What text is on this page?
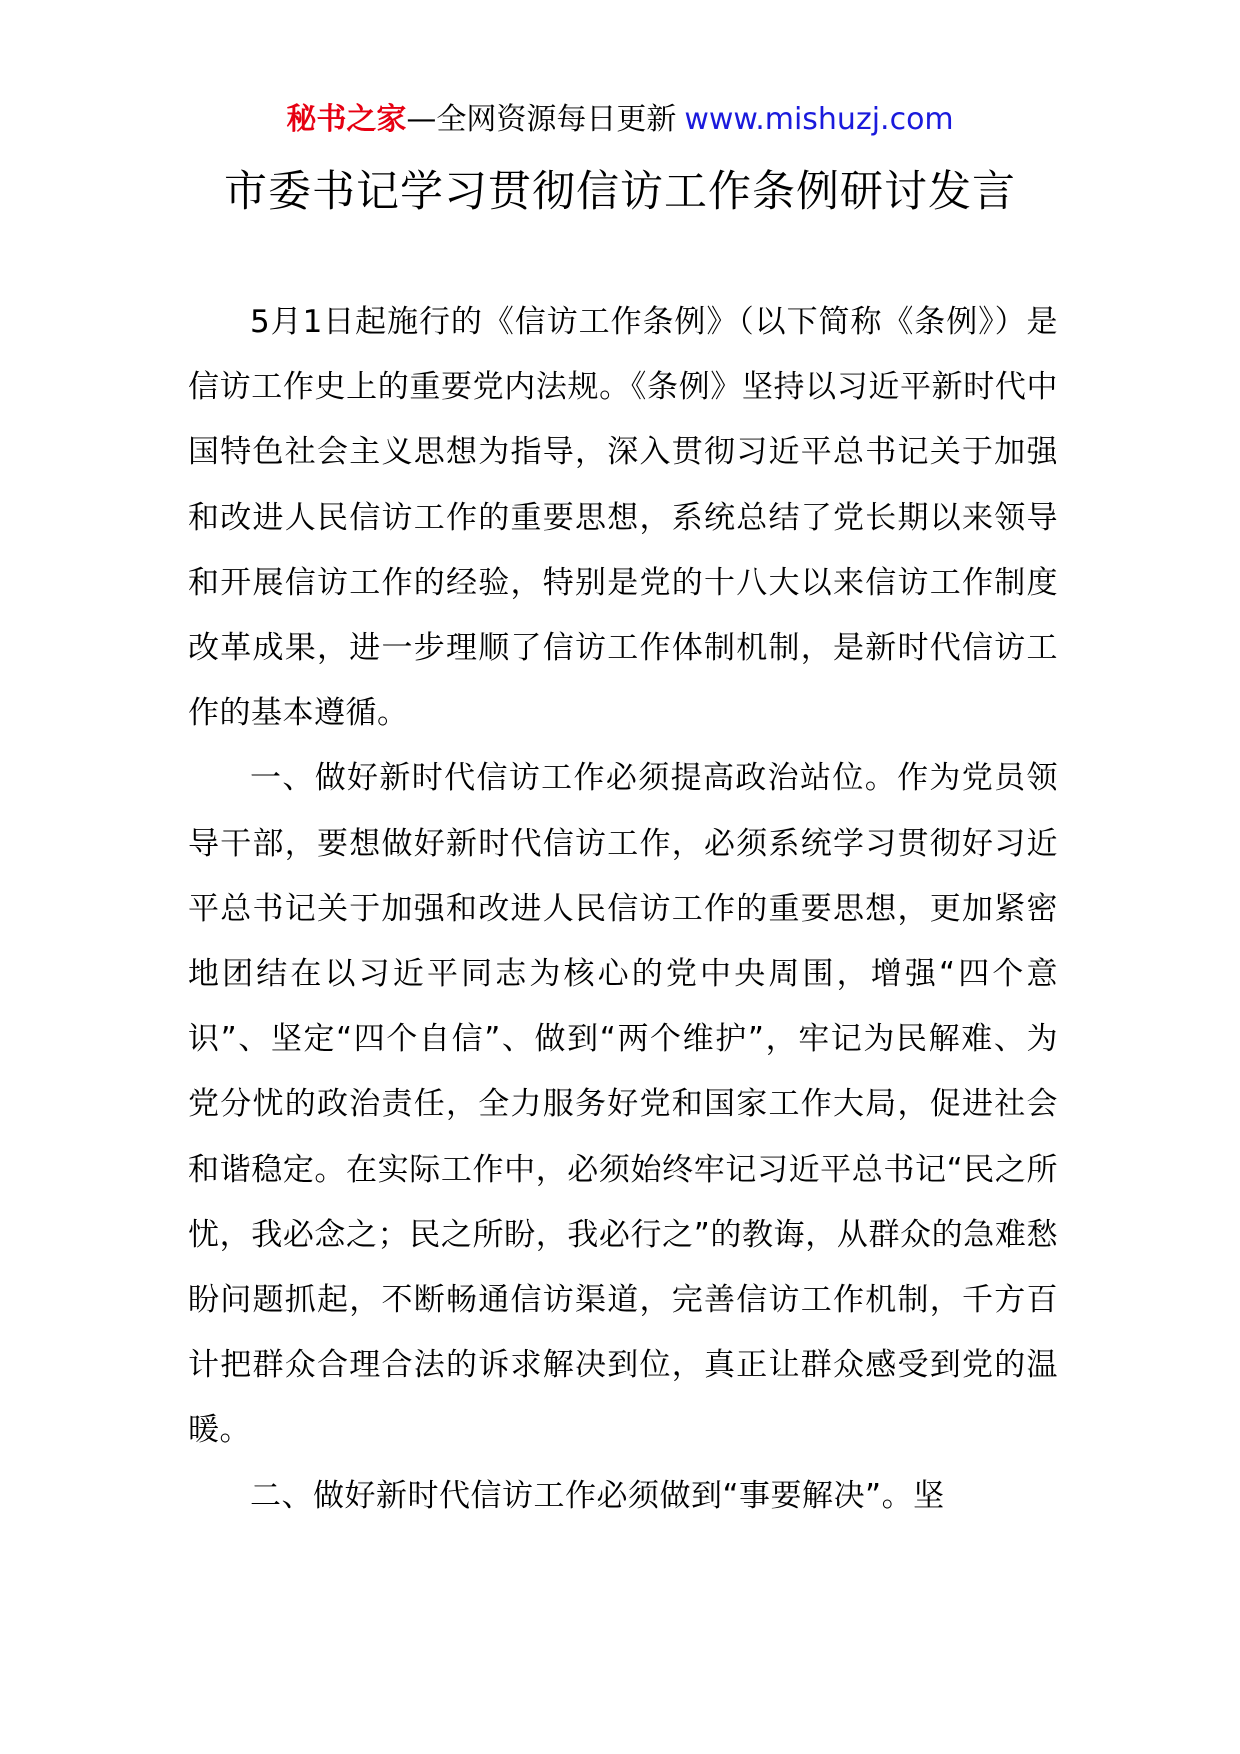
秘书之家—全网资源每日更新 www.mishuzj.com
市委书记学习贯彻信访工作条例研讨发言

5月1日起施行的《信访工作条例》（以下简称《条例》）是信访工作史上的重要党内法规。《条例》坚持以习近平新时代中国特色社会主义思想为指导，深入贯彻习近平总书记关于加强和改进人民信访工作的重要思想，系统总结了党长期以来领导和开展信访工作的经验，特别是党的十八大以来信访工作制度改革成果，进一步理顺了信访工作体制机制，是新时代信访工作的基本遵循。

一、做好新时代信访工作必须提高政治站位。作为党员领导干部，要想做好新时代信访工作，必须系统学习贯彻好习近平总书记关于加强和改进人民信访工作的重要思想，更加紧密地团结在以习近平同志为核心的党中央周围，增强“四个意识”、坚定“四个自信”、做到“两个维护”，牢记为民解难、为党分忧的政治责任，全力服务好党和国家工作大局，促进社会和谐稳定。在实际工作中，必须始终牢记习近平总书记“民之所忧，我必念之；民之所盼，我必行之”的教诲，从群众的急难愁盼问题抓起，不断畅通信访渠道，完善信访工作机制，千方百计把群众合理合法的诉求解决到位，真正让群众感受到党的温暖。

二、做好新时代信访工作必须做到“事要解决”。坚
